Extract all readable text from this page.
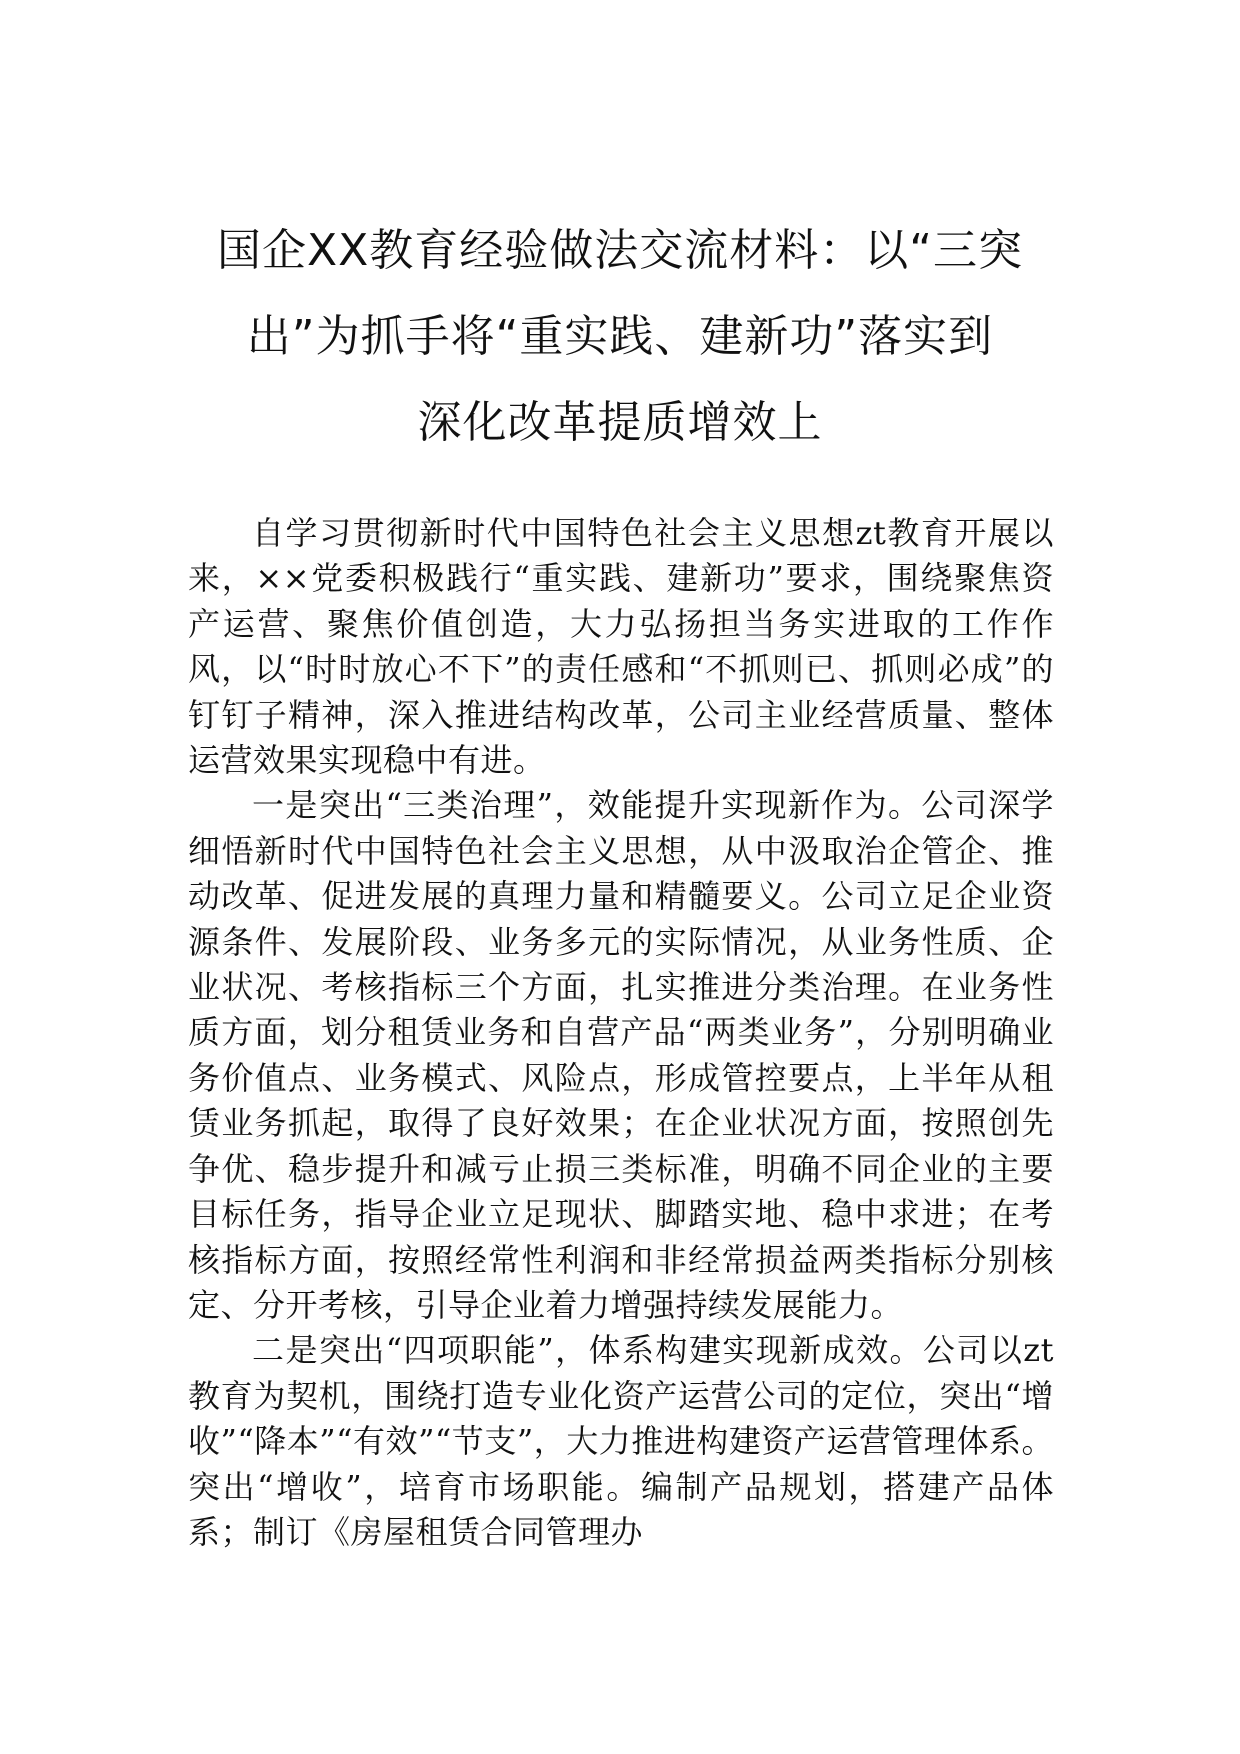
国企XX教育经验做法交流材料：以“三突
出”为抓手将“重实践、建新功”落实到
深化改革提质增效上

自学习贯彻新时代中国特色社会主义思想zt教育开展以来，××党委积极践行“重实践、建新功”要求，围绕聚焦资产运营、聚焦价值创造，大力弘扬担当务实进取的工作作风，以“时时放心不下”的责任感和“不抓则已、抓则必成”的钉钉子精神，深入推进结构改革，公司主业经营质量、整体运营效果实现稳中有进。

一是突出“三类治理”，效能提升实现新作为。公司深学细悟新时代中国特色社会主义思想，从中汲取治企管企、推动改革、促进发展的真理力量和精髓要义。公司立足企业资源条件、发展阶段、业务多元的实际情况，从业务性质、企业状况、考核指标三个方面，扎实推进分类治理。在业务性质方面，划分租赁业务和自营产品“两类业务”，分别明确业务价值点、业务模式、风险点，形成管控要点，上半年从租赁业务抓起，取得了良好效果；在企业状况方面，按照创先争优、稳步提升和减亏止损三类标准，明确不同企业的主要目标任务，指导企业立足现状、脚踏实地、稳中求进；在考核指标方面，按照经常性利润和非经常损益两类指标分别核定、分开考核，引导企业着力增强持续发展能力。

二是突出“四项职能”，体系构建实现新成效。公司以zt教育为契机，围绕打造专业化资产运营公司的定位，突出“增收”“降本”“有效”“节支”，大力推进构建资产运营管理体系。突出“增收”，培育市场职能。编制产品规划，搭建产品体系；制订《房屋租赁合同管理办
